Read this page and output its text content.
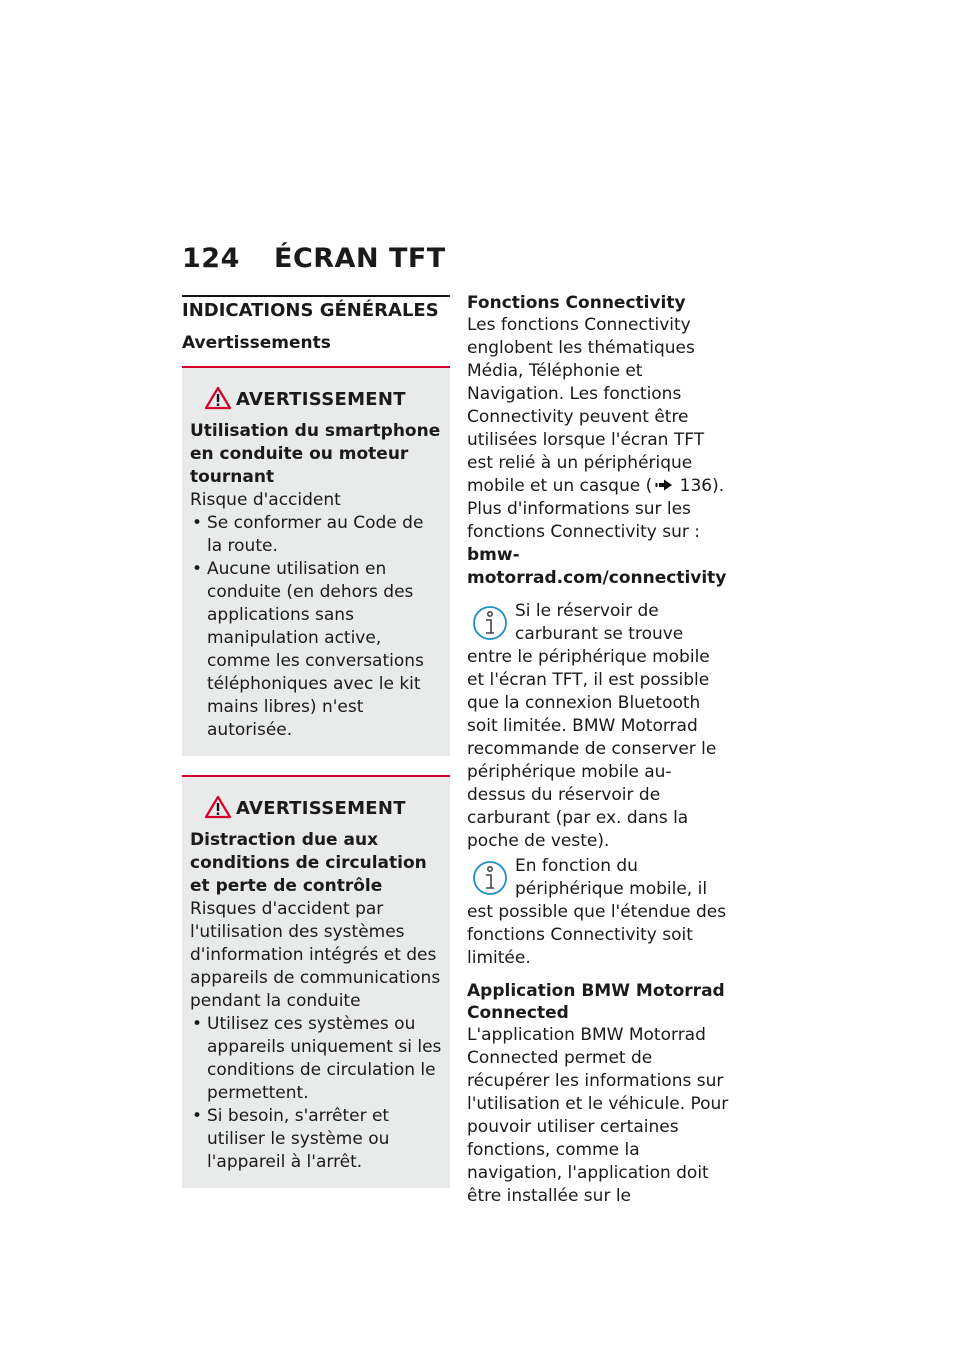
124 ÉCRAN TFT
INDICATIONS GÉNÉRALES
Avertissements
AVERTISSEMENT
Utilisation du smartphone en conduite ou moteur tournant

Risque d'accident

• Se conformer au Code de la route.
• Aucune utilisation en conduite (en dehors des applications sans manipulation active, comme les conversations téléphoniques avec le kit mains libres) n'est autorisée.
AVERTISSEMENT
Distraction due aux conditions de circulation et perte de contrôle

Risques d'accident par l'utilisation des systèmes d'information intégrés et des appareils de communications pendant la conduite

• Utilisez ces systèmes ou appareils uniquement si les conditions de circulation le permettent.
• Si besoin, s'arrêter et utiliser le système ou l'appareil à l'arrêt.
Fonctions Connectivity

Les fonctions Connectivity englobent les thématiques Média, Téléphonie et Navigation. Les fonctions Connectivity peuvent être utilisées lorsque l'écran TFT est relié à un périphérique mobile et un casque ( 136).

Plus d'informations sur les fonctions Connectivity sur : bmw-motorrad.com/connectivity

Si le réservoir de carburant se trouve entre le périphérique mobile et l'écran TFT, il est possible que la connexion Bluetooth soit limitée. BMW Motorrad recommande de conserver le périphérique mobile au-dessus du réservoir de carburant (par ex. dans la poche de veste).
En fonction du périphérique mobile, il est possible que l'étendue des fonctions Connectivity soit limitée.
Application BMW Motorrad Connected

L'application BMW Motorrad Connected permet de récupérer les informations sur l'utilisation et le véhicule. Pour pouvoir utiliser certaines fonctions, comme la navigation, l'application doit être installée sur le
